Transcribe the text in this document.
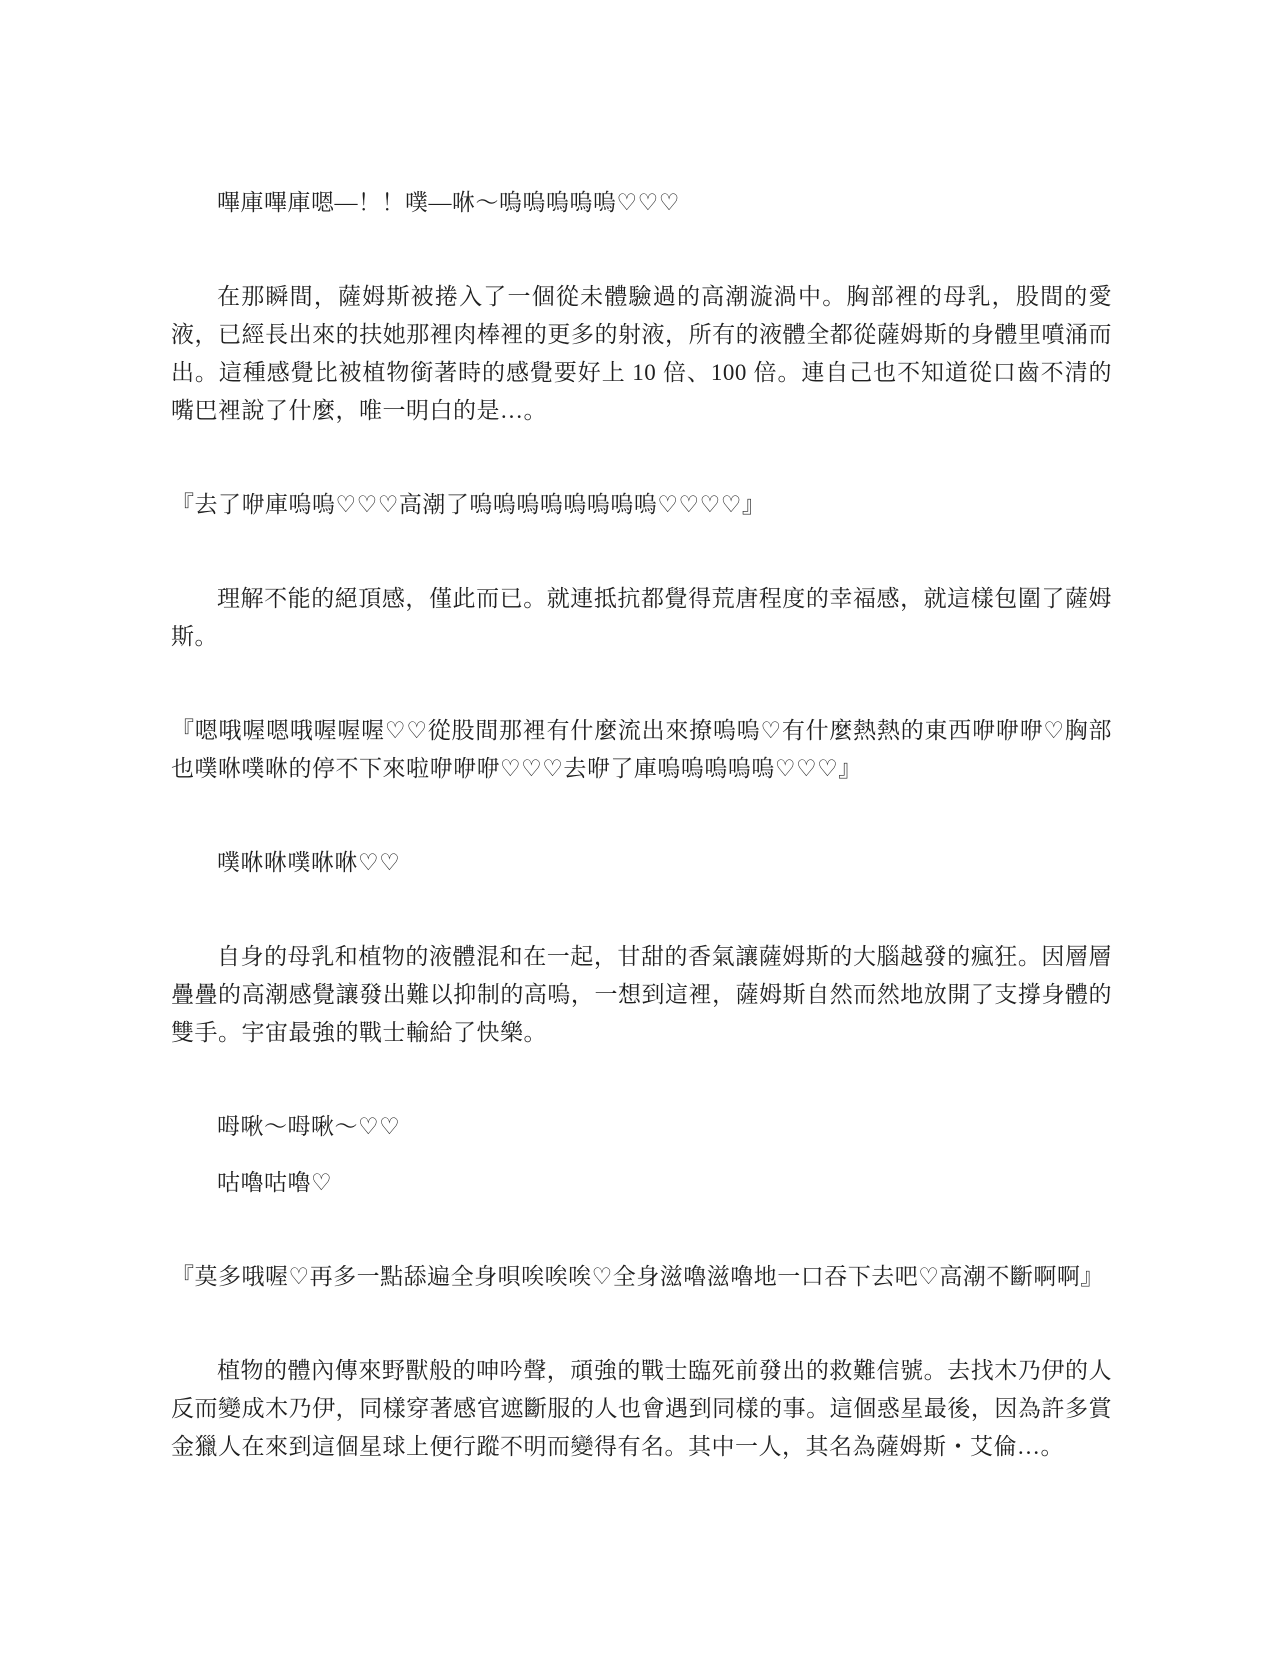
嗶庫嗶庫嗯—！！噗—咻～嗚嗚嗚嗚嗚♡♡♡

在那瞬間，薩姆斯被捲入了一個從未體驗過的高潮漩渦中。胸部裡的母乳，股間的愛液，已經長出來的扶她那裡肉棒裡的更多的射液，所有的液體全都從薩姆斯的身體里噴涌而出。這種感覺比被植物銜著時的感覺要好上 10 倍、100 倍。連自己也不知道從口齒不清的嘴巴裡說了什麼，唯一明白的是…。

『去了咿庫嗚嗚♡♡♡高潮了嗚嗚嗚嗚嗚嗚嗚嗚♡♡♡♡』

理解不能的絕頂感，僅此而已。就連抵抗都覺得荒唐程度的幸福感，就這樣包圍了薩姆斯。

『嗯哦喔嗯哦喔喔喔♡♡從股間那裡有什麼流出來撩嗚嗚♡有什麼熱熱的東西咿咿咿♡胸部也噗咻噗咻的停不下來啦咿咿咿♡♡♡去咿了庫嗚嗚嗚嗚嗚♡♡♡』

噗咻咻噗咻咻♡♡

自身的母乳和植物的液體混和在一起，甘甜的香氣讓薩姆斯的大腦越發的瘋狂。因層層疊疊的高潮感覺讓發出難以抑制的高嗚，一想到這裡，薩姆斯自然而然地放開了支撐身體的雙手。宇宙最強的戰士輸給了快樂。

呣啾～呣啾～♡♡

咕嚕咕嚕♡

『莫多哦喔♡再多一點舔遍全身唄唉唉唉♡全身滋嚕滋嚕地一口吞下去吧♡高潮不斷啊啊』

植物的體內傳來野獸般的呻吟聲，頑強的戰士臨死前發出的救難信號。去找木乃伊的人反而變成木乃伊，同樣穿著感官遮斷服的人也會遇到同樣的事。這個惑星最後，因為許多賞金獵人在來到這個星球上便行蹤不明而變得有名。其中一人，其名為薩姆斯・艾倫…。
